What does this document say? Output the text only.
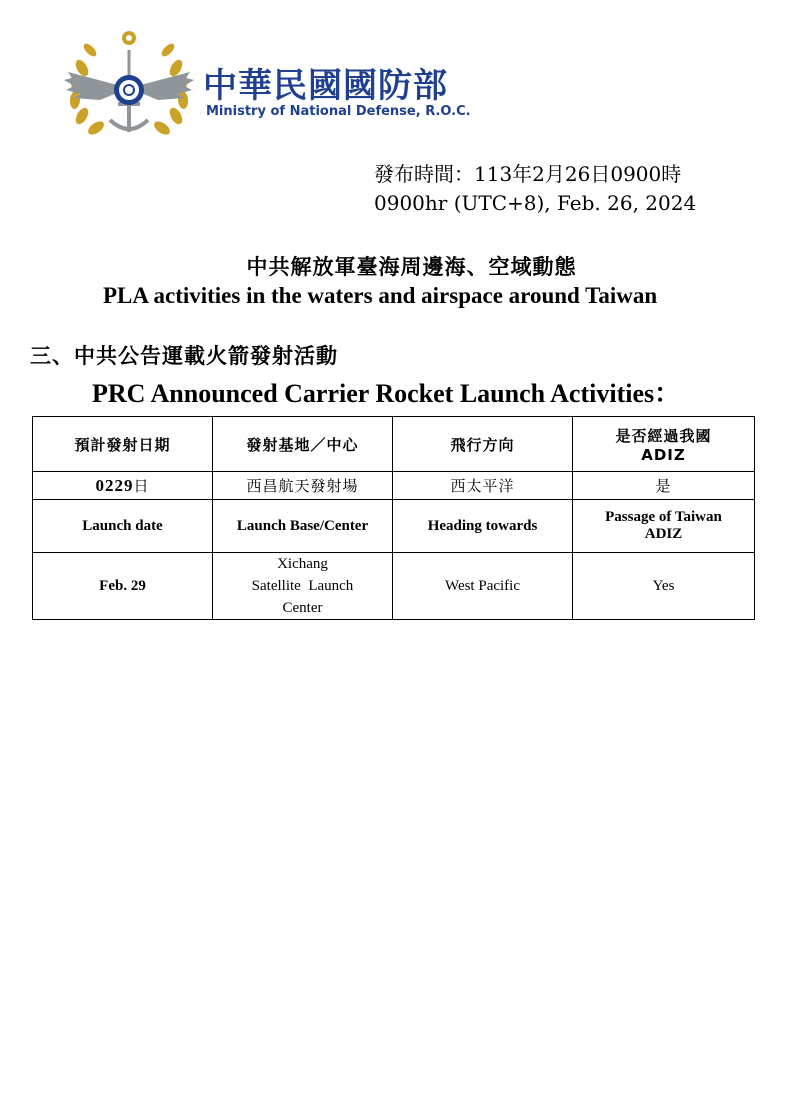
中華民國國防部
Ministry of National Defense, R.O.C.
發布時間：113年2月26日0900時
0900hr (UTC+8), Feb. 26, 2024
中共解放軍臺海周邊海、空域動態
PLA activities in the waters and airspace around Taiwan
三、中共公告運載火箭發射活動
PRC Announced Carrier Rocket Launch Activities：
預計發射日期	發射基地／中心	飛行方向	是否經過我國
ADIZ
0229日	西昌航天發射場	西太平洋	是
Launch date	Launch Base/Center	Heading towards	Passage of Taiwan
ADIZ
Feb. 29	Xichang
Satellite  Launch
Center	West Pacific	Yes
